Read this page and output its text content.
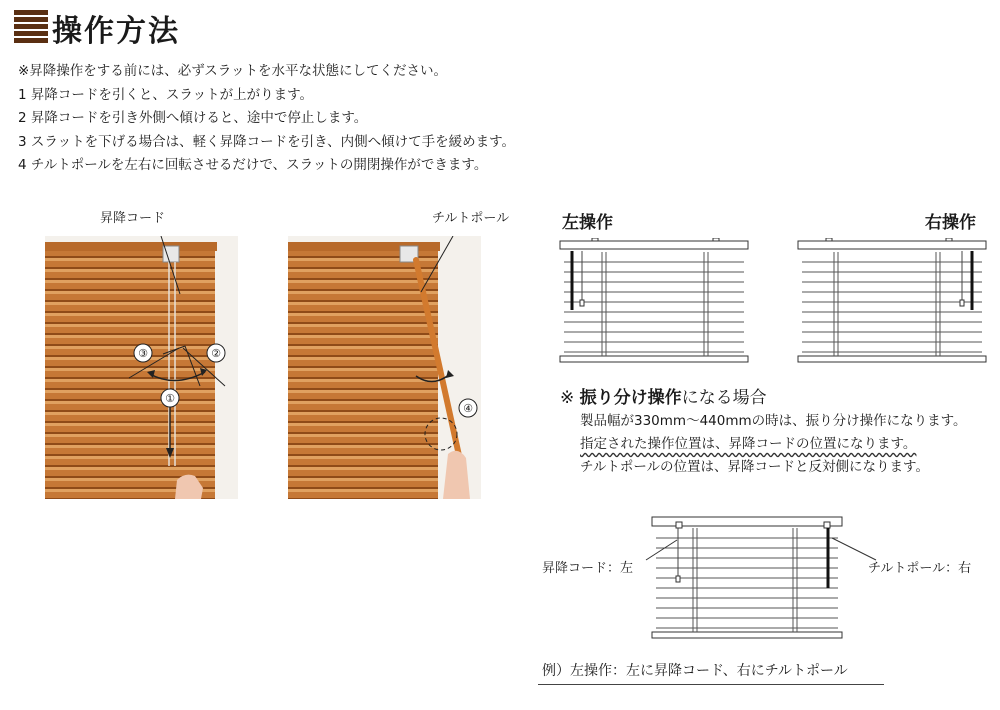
操作方法
※昇降操作をする前には、必ずスラットを水平な状態にしてください。
1 昇降コードを引くと、スラットが上がります。
2 昇降コードを引き外側へ傾けると、途中で停止します。
3 スラットを下げる場合は、軽く昇降コードを引き、内側へ傾けて手を緩めます。
4 チルトポールを左右に回転させるだけで、スラットの開閉操作ができます。
昇降コード	チルトポール
③	②
①
④
左操作	右操作
※ 振り分け操作になる場合
製品幅が330mm〜440mmの時は、振り分け操作になります。
指定された操作位置は、昇降コードの位置になります。
チルトポールの位置は、昇降コードと反対側になります。
昇降コード：左	チルトポール：右
例）左操作：左に昇降コード、右にチルトポール
